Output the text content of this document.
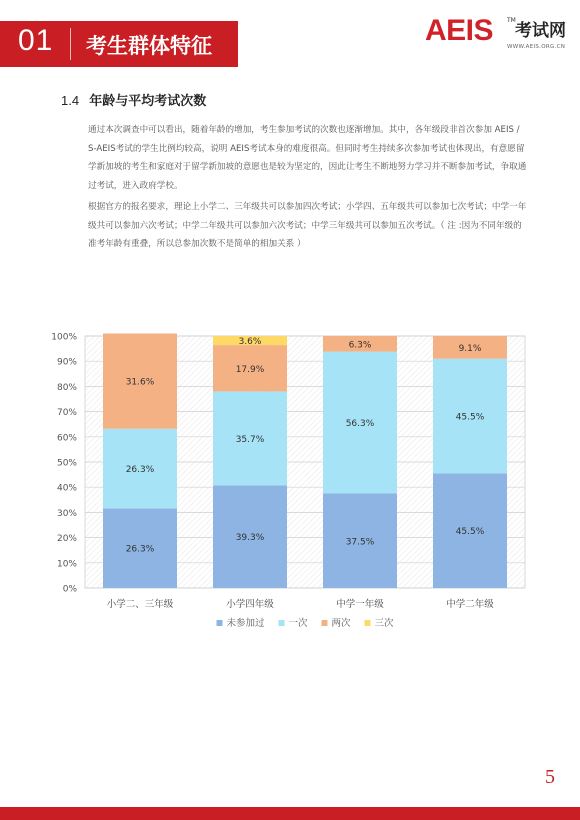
01 考生群体特征	AEIS TM
考试网
WWW.AEIS.ORG.CN
1.4 年龄与平均考试次数

通过本次调查中可以看出，随着年龄的增加，考生参加考试的次数也逐渐增加。其中，各年级段非首次参加 AEIS / S-AEIS考试的学生比例均较高，说明 AEIS考试本身的难度很高。但同时考生持续多次参加考试也体现出，有意愿留学新加坡的考生和家庭对于留学新加坡的意愿也是较为坚定的，因此让考生不断地努力学习并不断参加考试，争取通过考试，进入政府学校。

根据官方的报名要求，理论上小学二、三年级共可以参加四次考试；小学四、五年级共可以参加七次考试；中学一年级共可以参加六次考试；中学二年级共可以参加六次考试；中学三年级共可以参加五次考试。（ 注 :因为不同年级的准考年龄有重叠，所以总参加次数不是简单的相加关系 ）

0%
10%
20%
30%
40%
50%
60%
70%
80%
90%
100%
26.3%
26.3%
31.6%
小学二、三年级
39.3%
35.7%
17.9%
3.6%
小学四年级
37.5%
56.3%
6.3%
中学一年级
45.5%
45.5%
9.1%
中学二年级
未参加过	一次	两次	三次
5
